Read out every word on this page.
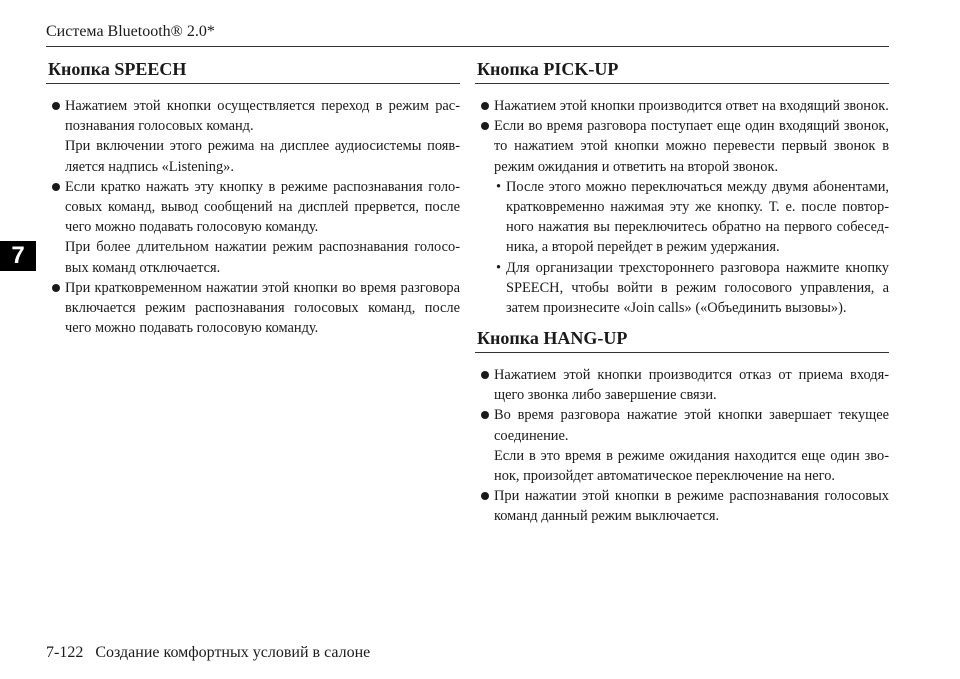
Система Bluetooth® 2.0*
7
Кнопка SPEECH
Нажатием этой кнопки осуществляется переход в режим распознавания голосовых команд.
При включении этого режима на дисплее аудиосистемы появляется надпись «Listening».
Если кратко нажать эту кнопку в режиме распознавания голосовых команд, вывод сообщений на дисплей прервется, после чего можно подавать голосовую команду.
При более длительном нажатии режим распознавания голосовых команд отключается.
При кратковременном нажатии этой кнопки во время разговора включается режим распознавания голосовых команд, после чего можно подавать голосовую команду.
Кнопка PICK-UP
Нажатием этой кнопки производится ответ на входящий звонок.
Если во время разговора поступает еще один входящий звонок, то нажатием этой кнопки можно перевести первый звонок в режим ожидания и ответить на второй звонок.
• После этого можно переключаться между двумя абонентами, кратковременно нажимая эту же кнопку. Т. е. после повторного нажатия вы переключитесь обратно на первого собеседника, а второй перейдет в режим удержания.
• Для организации трехстороннего разговора нажмите кнопку SPEECH, чтобы войти в режим голосового управления, а затем произнесите «Join calls» («Объединить вызовы»).
Кнопка HANG-UP
Нажатием этой кнопки производится отказ от приема входящего звонка либо завершение связи.
Во время разговора нажатие этой кнопки завершает текущее соединение.
Если в это время в режиме ожидания находится еще один звонок, произойдет автоматическое переключение на него.
При нажатии этой кнопки в режиме распознавания голосовых команд данный режим выключается.
7-122 Создание комфортных условий в салоне
